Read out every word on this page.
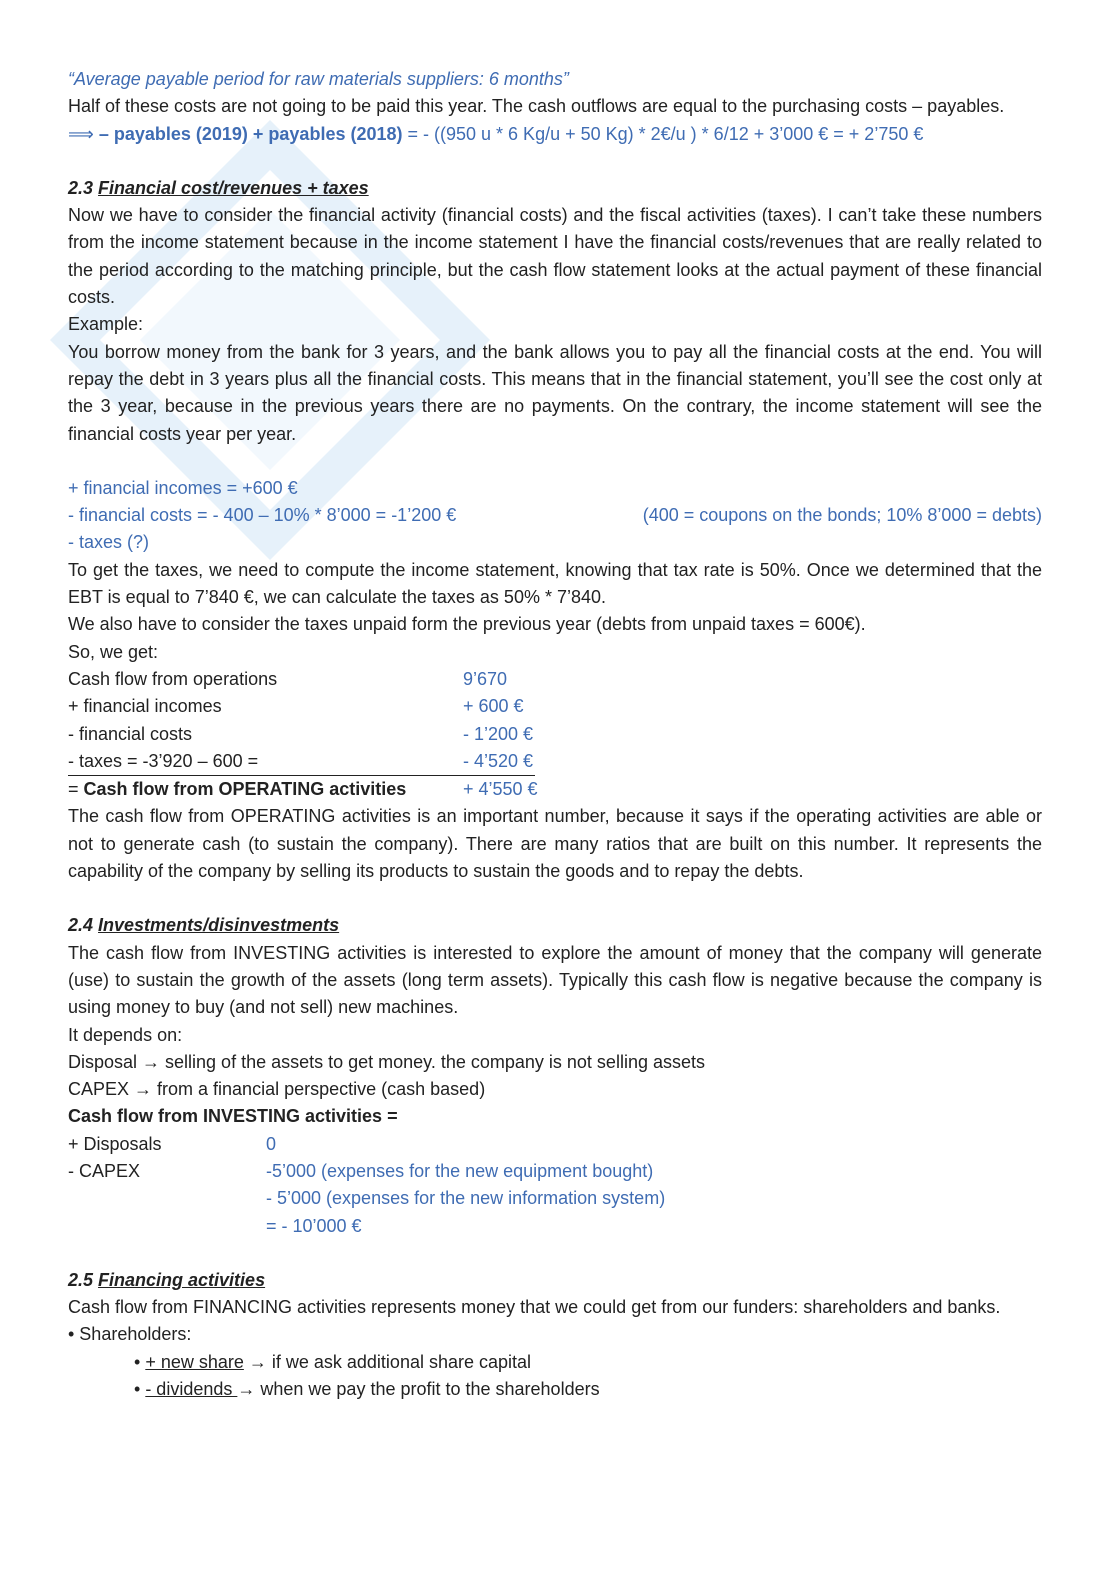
“Average payable period for raw materials suppliers: 6 months”
Half of these costs are not going to be paid this year. The cash outflows are equal to the purchasing costs – payables.
⟹ – payables (2019) + payables (2018) = - ((950 u * 6 Kg/u + 50 Kg) * 2€/u ) * 6/12 + 3’000 € = + 2’750 €
2.3 Financial cost/revenues + taxes
Now we have to consider the financial activity (financial costs) and the fiscal activities (taxes). I can’t take these numbers from the income statement because in the income statement I have the financial costs/revenues that are really related to the period according to the matching principle, but the cash flow statement looks at the actual payment of these financial costs.
Example:
You borrow money from the bank for 3 years, and the bank allows you to pay all the financial costs at the end. You will repay the debt in 3 years plus all the financial costs. This means that in the financial statement, you’ll see the cost only at the 3 year, because in the previous years there are no payments. On the contrary, the income statement will see the financial costs year per year.
+ financial incomes = +600 €
- financial costs = - 400 – 10% * 8’000 = -1’200 €	(400 = coupons on the bonds; 10% 8’000 = debts)
- taxes (?)
To get the taxes, we need to compute the income statement, knowing that tax rate is 50%. Once we determined that the EBT is equal to 7’840 €, we can calculate the taxes as 50% * 7’840.
We also have to consider the taxes unpaid form the previous year (debts from unpaid taxes = 600€).
So, we get:
Cash flow from operations	9’670
+ financial incomes	+ 600 €
- financial costs	- 1’200 €
- taxes = -3’920 – 600 =	- 4’520 €
= Cash flow from OPERATING activities	+ 4’550 €
The cash flow from OPERATING activities is an important number, because it says if the operating activities are able or not to generate cash (to sustain the company). There are many ratios that are built on this number. It represents the capability of the company by selling its products to sustain the goods and to repay the debts.
2.4 Investments/disinvestments
The cash flow from INVESTING activities is interested to explore the amount of money that the company will generate (use) to sustain the growth of the assets (long term assets). Typically this cash flow is negative because the company is using money to buy (and not sell) new machines.
It depends on:
Disposal → selling of the assets to get money. the company is not selling assets
CAPEX → from a financial perspective (cash based)
Cash flow from INVESTING activities =
+ Disposals	0
- CAPEX	-5’000 (expenses for the new equipment bought)
- 5’000 (expenses for the new information system)
= - 10’000 €
2.5 Financing activities
Cash flow from FINANCING activities represents money that we could get from our funders: shareholders and banks.
• Shareholders:
• + new share → if we ask additional share capital
• - dividends → when we pay the profit to the shareholders
